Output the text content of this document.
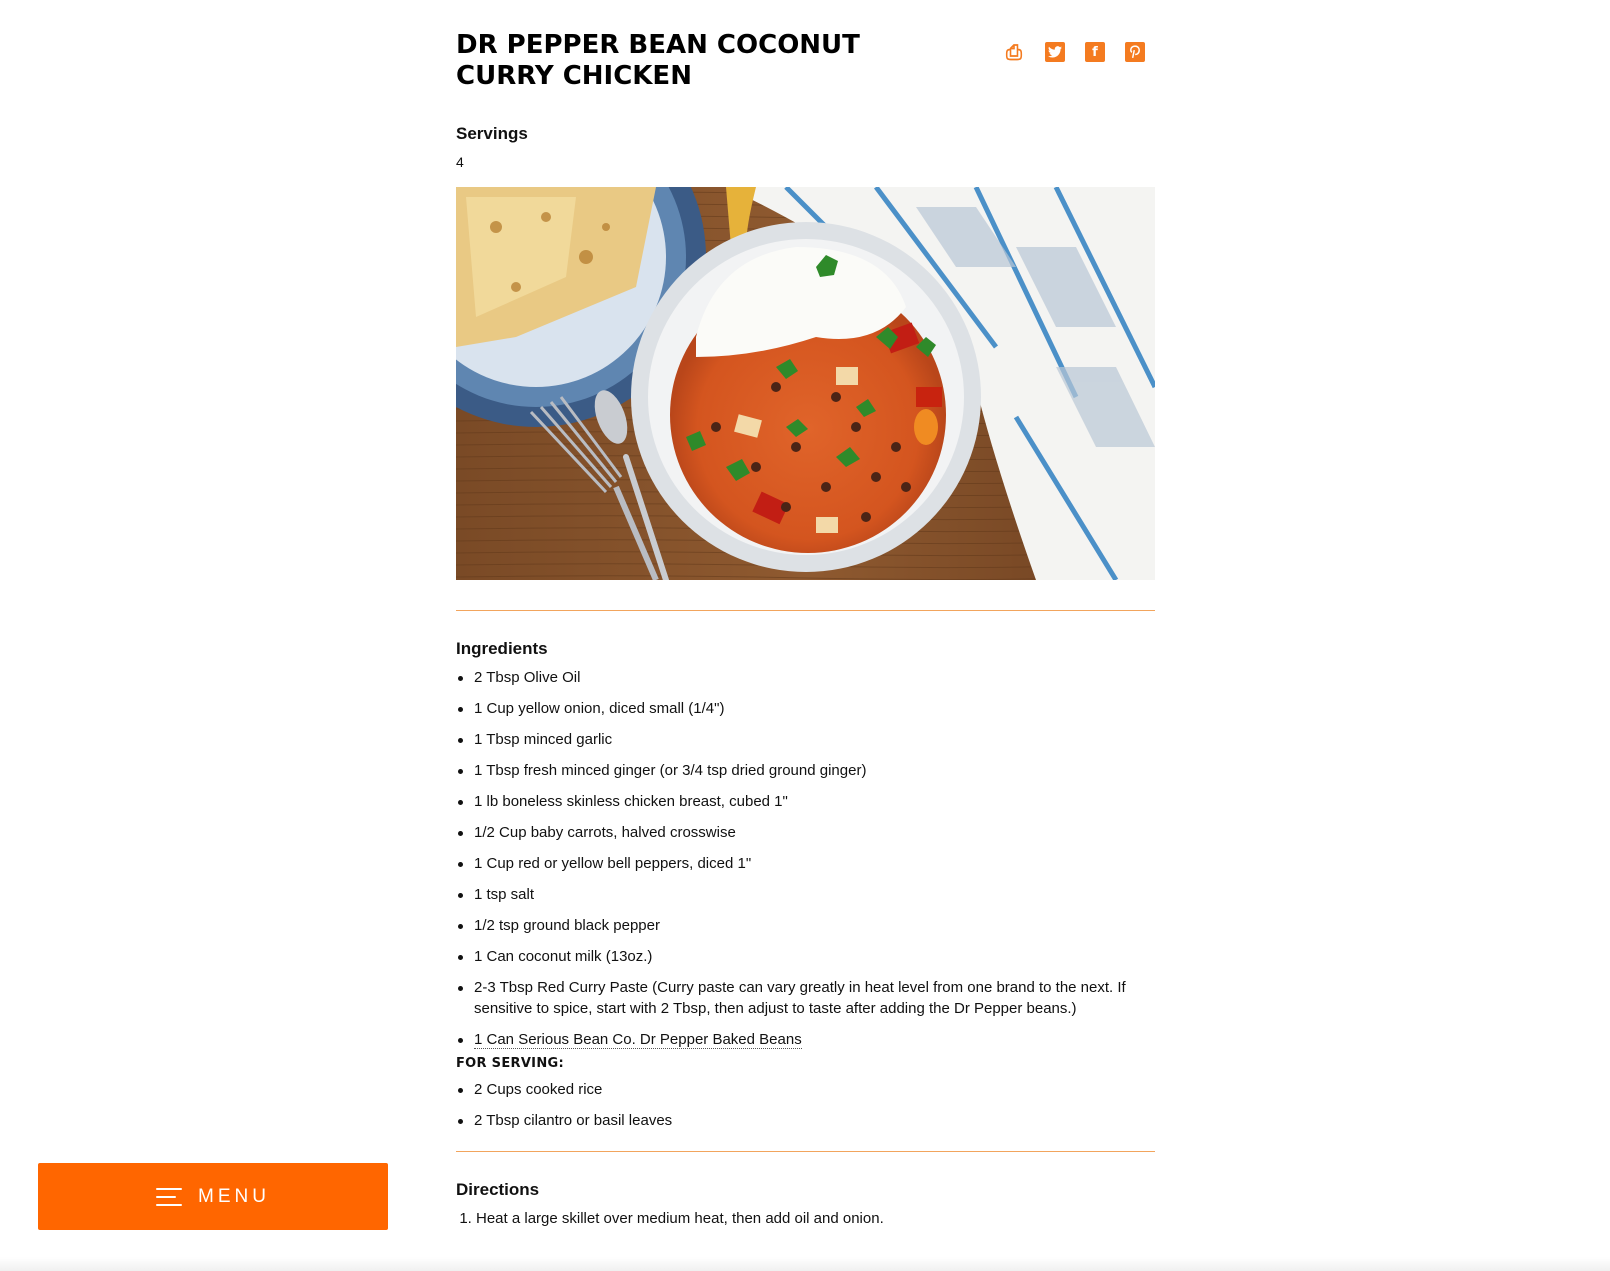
DR PEPPER BEAN COCONUT CURRY CHICKEN
⎙	f
Servings
4
Ingredients
2 Tbsp Olive Oil
1 Cup yellow onion, diced small (1/4")
1 Tbsp minced garlic
1 Tbsp fresh minced ginger (or 3/4 tsp dried ground ginger)
1 lb boneless skinless chicken breast, cubed 1"
1/2 Cup baby carrots, halved crosswise
1 Cup red or yellow bell peppers, diced 1"
1 tsp salt
1/2 tsp ground black pepper
1 Can coconut milk (13oz.)
2-3 Tbsp Red Curry Paste (Curry paste can vary greatly in heat level from one brand to the next. If sensitive to spice, start with 2 Tbsp, then adjust to taste after adding the Dr Pepper beans.)
1 Can Serious Bean Co. Dr Pepper Baked Beans
FOR SERVING:
2 Cups cooked rice
2 Tbsp cilantro or basil leaves
Directions
1. Heat a large skillet over medium heat, then add oil and onion.
MENU
